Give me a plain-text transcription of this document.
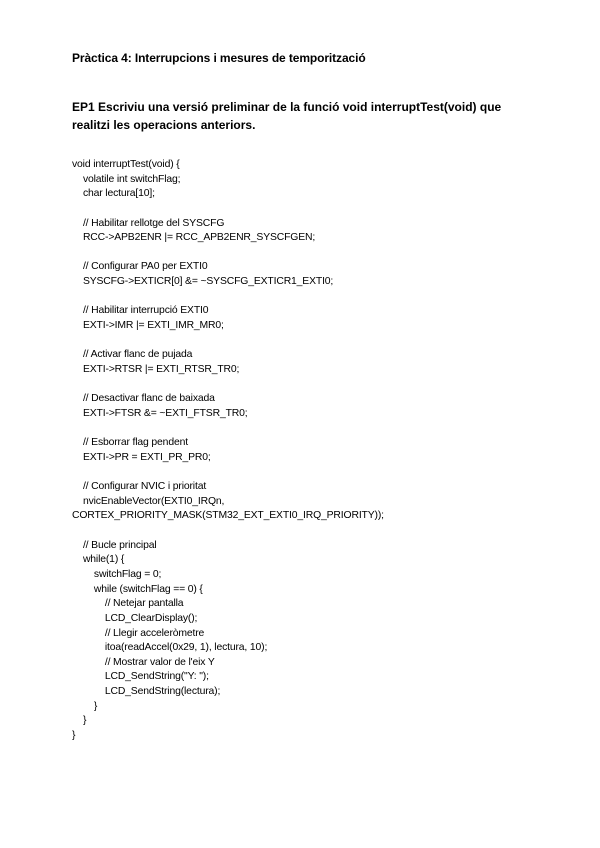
Pràctica 4: Interrupcions i mesures de temporització
EP1 Escriviu una versió preliminar de la funció void interruptTest(void) que realitzi les operacions anteriors.
void interruptTest(void) {
volatile int switchFlag;
char lectura[10];
// Habilitar rellotge del SYSCFG
RCC->APB2ENR |= RCC_APB2ENR_SYSCFGEN;
// Configurar PA0 per EXTI0
SYSCFG->EXTICR[0] &= ~SYSCFG_EXTICR1_EXTI0;
// Habilitar interrupció EXTI0
EXTI->IMR |= EXTI_IMR_MR0;
// Activar flanc de pujada
EXTI->RTSR |= EXTI_RTSR_TR0;
// Desactivar flanc de baixada
EXTI->FTSR &= ~EXTI_FTSR_TR0;
// Esborrar flag pendent
EXTI->PR = EXTI_PR_PR0;
// Configurar NVIC i prioritat
nvicEnableVector(EXTI0_IRQn,
CORTEX_PRIORITY_MASK(STM32_EXT_EXTI0_IRQ_PRIORITY));
// Bucle principal
while(1) {
switchFlag = 0;
while (switchFlag == 0) {
// Netejar pantalla
LCD_ClearDisplay();
// Llegir acceleròmetre
itoa(readAccel(0x29, 1), lectura, 10);
// Mostrar valor de l'eix Y
LCD_SendString("Y: ");
LCD_SendString(lectura);
}
}
}
